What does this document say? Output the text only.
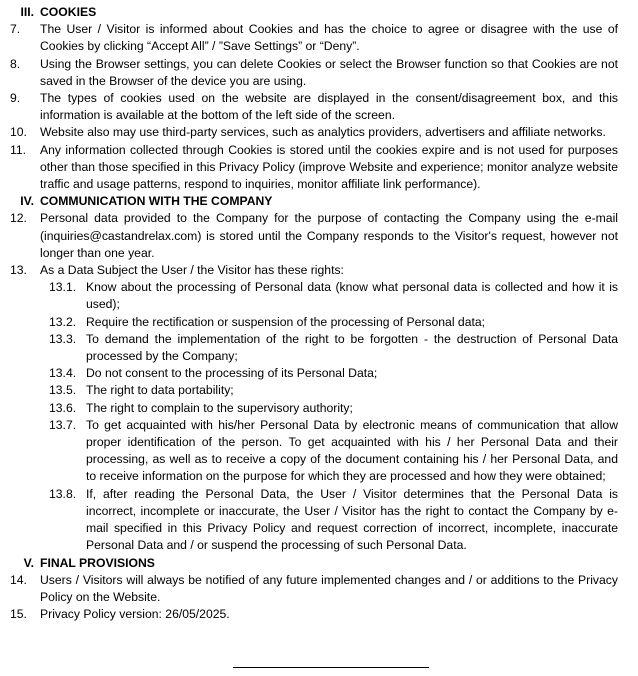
III. COOKIES
7.	The User / Visitor is informed about Cookies and has the choice to agree or disagree with the use of Cookies by clicking “Accept All” / ”Save Settings” or “Deny”.
8.	Using the Browser settings, you can delete Cookies or select the Browser function so that Cookies are not saved in the Browser of the device you are using.
9.	The types of cookies used on the website are displayed in the consent/disagreement box, and this information is available at the bottom of the left side of the screen.
10.	Website also may use third-party services, such as analytics providers, advertisers and affiliate networks.
11.	Any information collected through Cookies is stored until the cookies expire and is not used for purposes other than those specified in this Privacy Policy (improve Website and experience; monitor analyze website traffic and usage patterns, respond to inquiries, monitor affiliate link performance).
IV. COMMUNICATION WITH THE COMPANY
12.	Personal data provided to the Company for the purpose of contacting the Company using the e-mail (inquiries@castandrelax.com) is stored until the Company responds to the Visitor's request, however not longer than one year.
13.	As a Data Subject the User / the Visitor has these rights:
13.1. Know about the processing of Personal data (know what personal data is collected and how it is used);
13.2. Require the rectification or suspension of the processing of Personal data;
13.3. To demand the implementation of the right to be forgotten - the destruction of Personal Data processed by the Company;
13.4. Do not consent to the processing of its Personal Data;
13.5. The right to data portability;
13.6. The right to complain to the supervisory authority;
13.7. To get acquainted with his/her Personal Data by electronic means of communication that allow proper identification of the person. To get acquainted with his / her Personal Data and their processing, as well as to receive a copy of the document containing his / her Personal Data, and to receive information on the purpose for which they are processed and how they were obtained;
13.8. If, after reading the Personal Data, the User / Visitor determines that the Personal Data is incorrect, incomplete or inaccurate, the User / Visitor has the right to contact the Company by e-mail specified in this Privacy Policy and request correction of incorrect, incomplete, inaccurate Personal Data and / or suspend the processing of such Personal Data.
V. FINAL PROVISIONS
14.	Users / Visitors will always be notified of any future implemented changes and / or additions to the Privacy Policy on the Website.
15.	Privacy Policy version: 26/05/2025.
